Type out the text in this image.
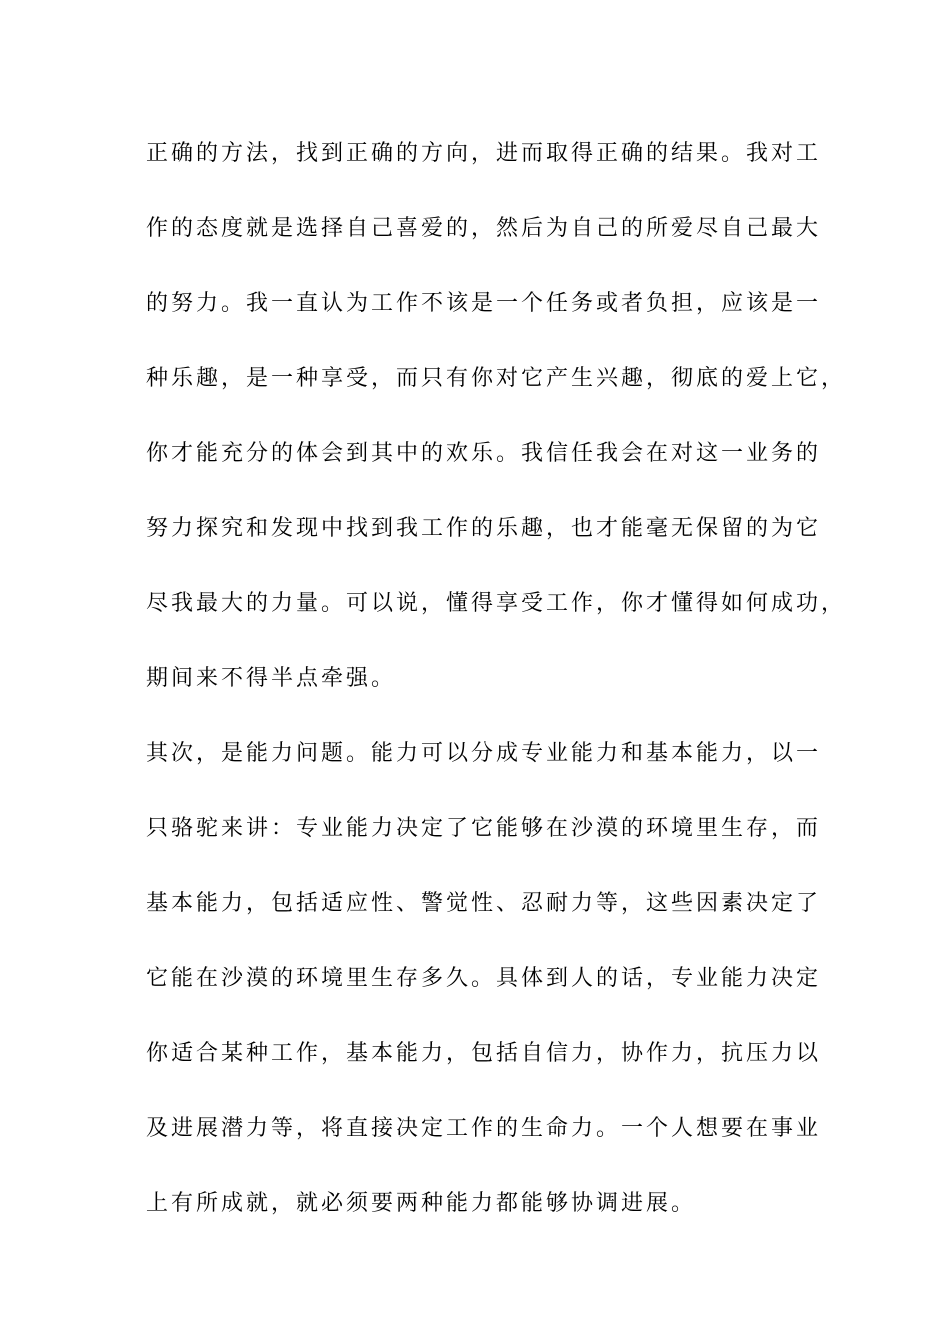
正确的方法，找到正确的方向，进而取得正确的结果。我对工
作的态度就是选择自己喜爱的，然后为自己的所爱尽自己最大
的努力。我一直认为工作不该是一个任务或者负担，应该是一
种乐趣，是一种享受，而只有你对它产生兴趣，彻底的爱上它，
你才能充分的体会到其中的欢乐。我信任我会在对这一业务的
努力探究和发现中找到我工作的乐趣，也才能毫无保留的为它
尽我最大的力量。可以说，懂得享受工作，你才懂得如何成功，
期间来不得半点牵强。
其次，是能力问题。能力可以分成专业能力和基本能力，以一
只骆驼来讲：专业能力决定了它能够在沙漠的环境里生存，而
基本能力，包括适应性、警觉性、忍耐力等，这些因素决定了
它能在沙漠的环境里生存多久。具体到人的话，专业能力决定
你适合某种工作，基本能力，包括自信力，协作力，抗压力以
及进展潜力等，将直接决定工作的生命力。一个人想要在事业
上有所成就，就必须要两种能力都能够协调进展。
